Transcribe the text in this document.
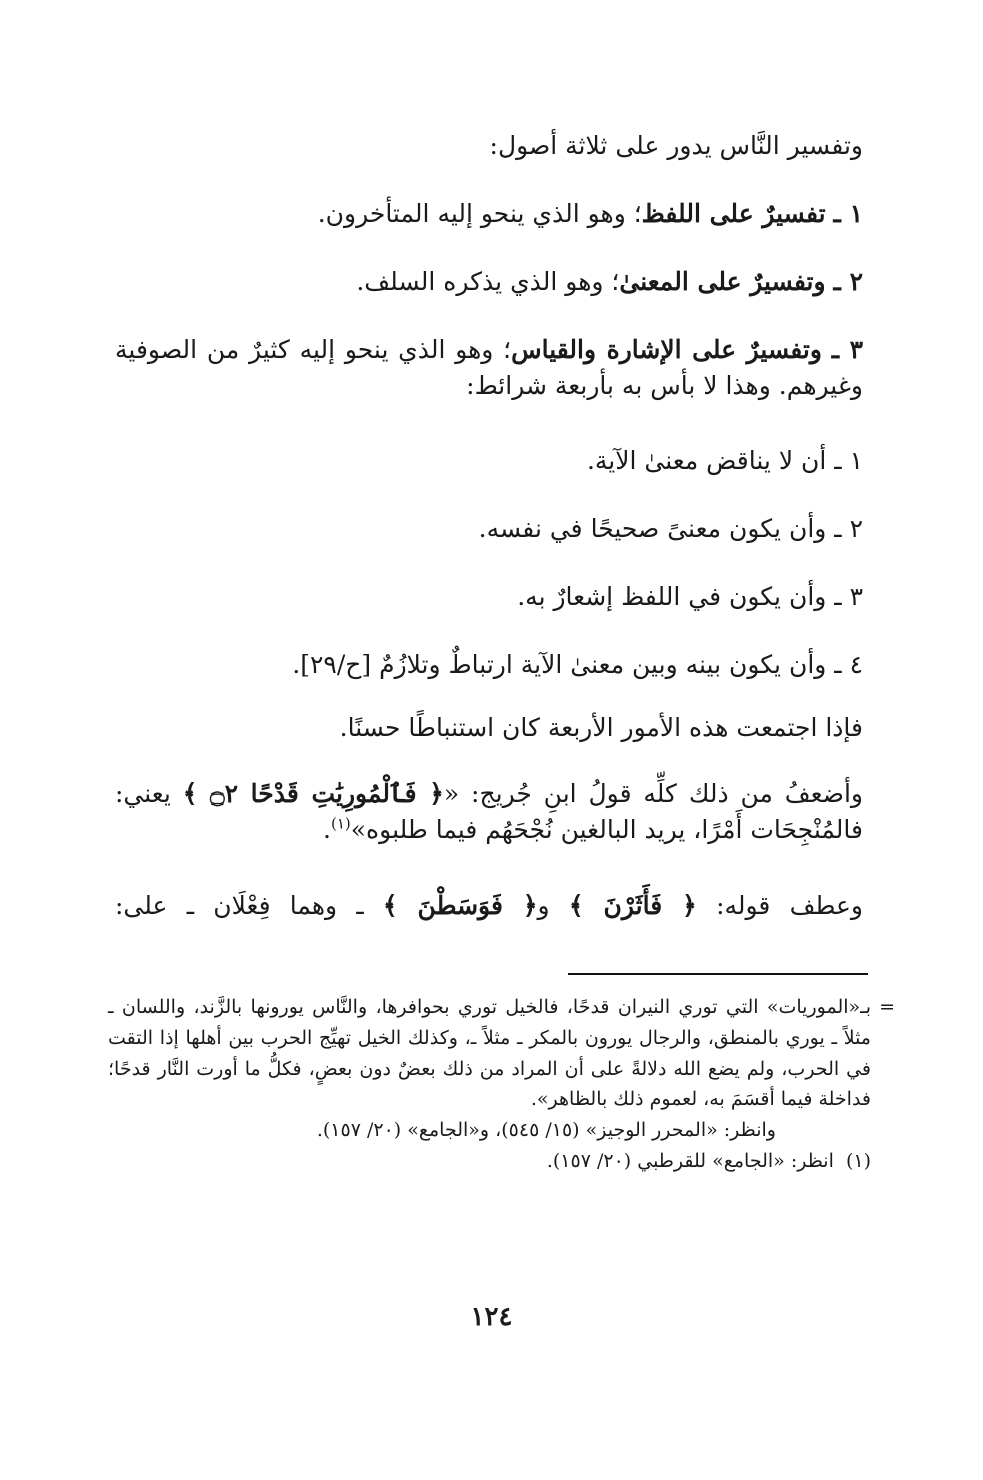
وتفسير النَّاس يدور على ثلاثة أصول:

١ ـ تفسيرٌ على اللفظ؛ وهو الذي ينحو إليه المتأخرون.

٢ ـ وتفسيرٌ على المعنىٰ؛ وهو الذي يذكره السلف.

٣ ـ وتفسيرٌ على الإشارة والقياس؛ وهو الذي ينحو إليه كثيرٌ من الصوفية وغيرهم. وهذا لا بأس به بأربعة شرائط:

١ ـ أن لا يناقض معنىٰ الآية.

٢ ـ وأن يكون معنىً صحيحًا في نفسه.

٣ ـ وأن يكون في اللفظ إشعارٌ به.

٤ ـ وأن يكون بينه وبين معنىٰ الآية ارتباطٌ وتلازُمٌ [ح/٢٩].

فإذا اجتمعت هذه الأمور الأربعة كان استنباطًا حسنًا.

وأضعفُ من ذلك كلِّه قولُ ابنِ جُريج: «﴿ فَٱلْمُورِيَٰتِ قَدْحًا ۝٢ ﴾ يعني: فالمُنْجِحَات أَمْرًا، يريد البالغين نُجْحَهُم فيما طلبوه»$^{(١)}$.

وعطف قوله: ﴿ فَأَثَرْنَ ﴾ و﴿ فَوَسَطْنَ ﴾ ـ وهما فِعْلَان ـ على:

=

بـ«الموريات» التي توري النيران قدحًا، فالخيل توري بحوافرها، والنَّاس يورونها بالزَّند، واللسان ـ مثلاً ـ يوري بالمنطق، والرجال يورون بالمكر ـ مثلاً ـ، وكذلك الخيل تهيِّج الحرب بين أهلها إذا التقت في الحرب، ولم يضع الله دلالةً على أن المراد من ذلك بعضٌ دون بعضٍ، فكلُّ ما أورت النَّار قدحًا؛ فداخلة فيما أقسَمَ به، لعموم ذلك بالظاهر».

وانظر: «المحرر الوجيز» (١٥/ ٥٤٥)، و«الجامع» (٢٠/ ١٥٧).

(١) انظر: «الجامع» للقرطبي (٢٠/ ١٥٧).

١٢٤
